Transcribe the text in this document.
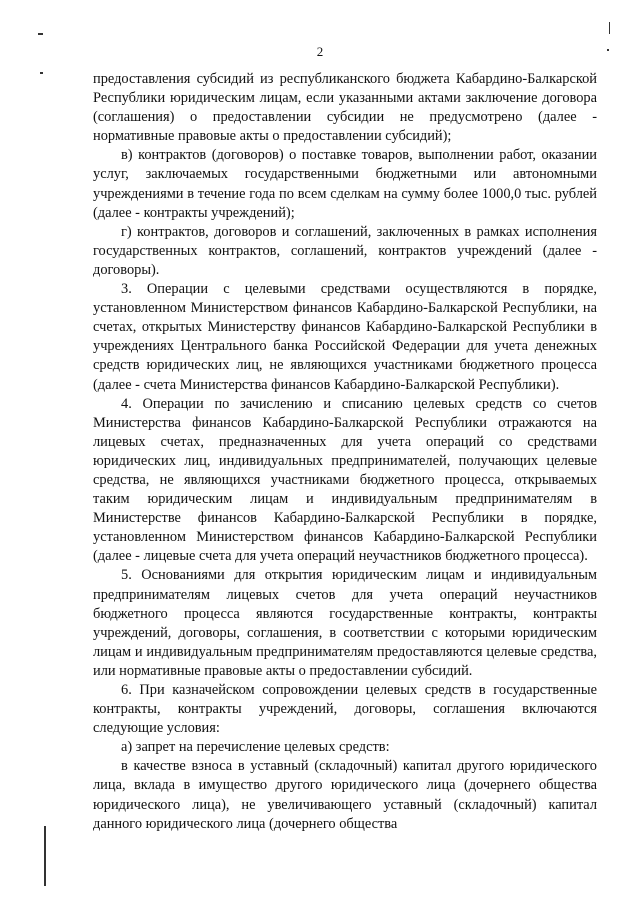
2

предоставления субсидий из республиканского бюджета Кабардино-Балкарской Республики юридическим лицам, если указанными актами заключение договора (соглашения) о предоставлении субсидии не предусмотрено (далее - нормативные правовые акты о предоставлении субсидий);

в) контрактов (договоров) о поставке товаров, выполнении работ, оказании услуг, заключаемых государственными бюджетными или автономными учреждениями в течение года по всем сделкам на сумму более 1000,0 тыс. рублей (далее - контракты учреждений);

г) контрактов, договоров и соглашений, заключенных в рамках исполнения государственных контрактов, соглашений, контрактов учреждений (далее - договоры).

3. Операции с целевыми средствами осуществляются в порядке, установленном Министерством финансов Кабардино-Балкарской Республики, на счетах, открытых Министерству финансов Кабардино-Балкарской Республики в учреждениях Центрального банка Российской Федерации для учета денежных средств юридических лиц, не являющихся участниками бюджетного процесса (далее - счета Министерства финансов Кабардино-Балкарской Республики).

4. Операции по зачислению и списанию целевых средств со счетов Министерства финансов Кабардино-Балкарской Республики отражаются на лицевых счетах, предназначенных для учета операций со средствами юридических лиц, индивидуальных предпринимателей, получающих целевые средства, не являющихся участниками бюджетного процесса, открываемых таким юридическим лицам и индивидуальным предпринимателям в Министерстве финансов Кабардино-Балкарской Республики в порядке, установленном Министерством финансов Кабардино-Балкарской Республики (далее - лицевые счета для учета операций неучастников бюджетного процесса).

5. Основаниями для открытия юридическим лицам и индивидуальным предпринимателям лицевых счетов для учета операций неучастников бюджетного процесса являются государственные контракты, контракты учреждений, договоры, соглашения, в соответствии с которыми юридическим лицам и индивидуальным предпринимателям предоставляются целевые средства, или нормативные правовые акты о предоставлении субсидий.

6. При казначейском сопровождении целевых средств в государственные контракты, контракты учреждений, договоры, соглашения включаются следующие условия:

а) запрет на перечисление целевых средств:

в качестве взноса в уставный (складочный) капитал другого юридического лица, вклада в имущество другого юридического лица (дочернего общества юридического лица), не увеличивающего уставный (складочный) капитал данного юридического лица (дочернего общества
